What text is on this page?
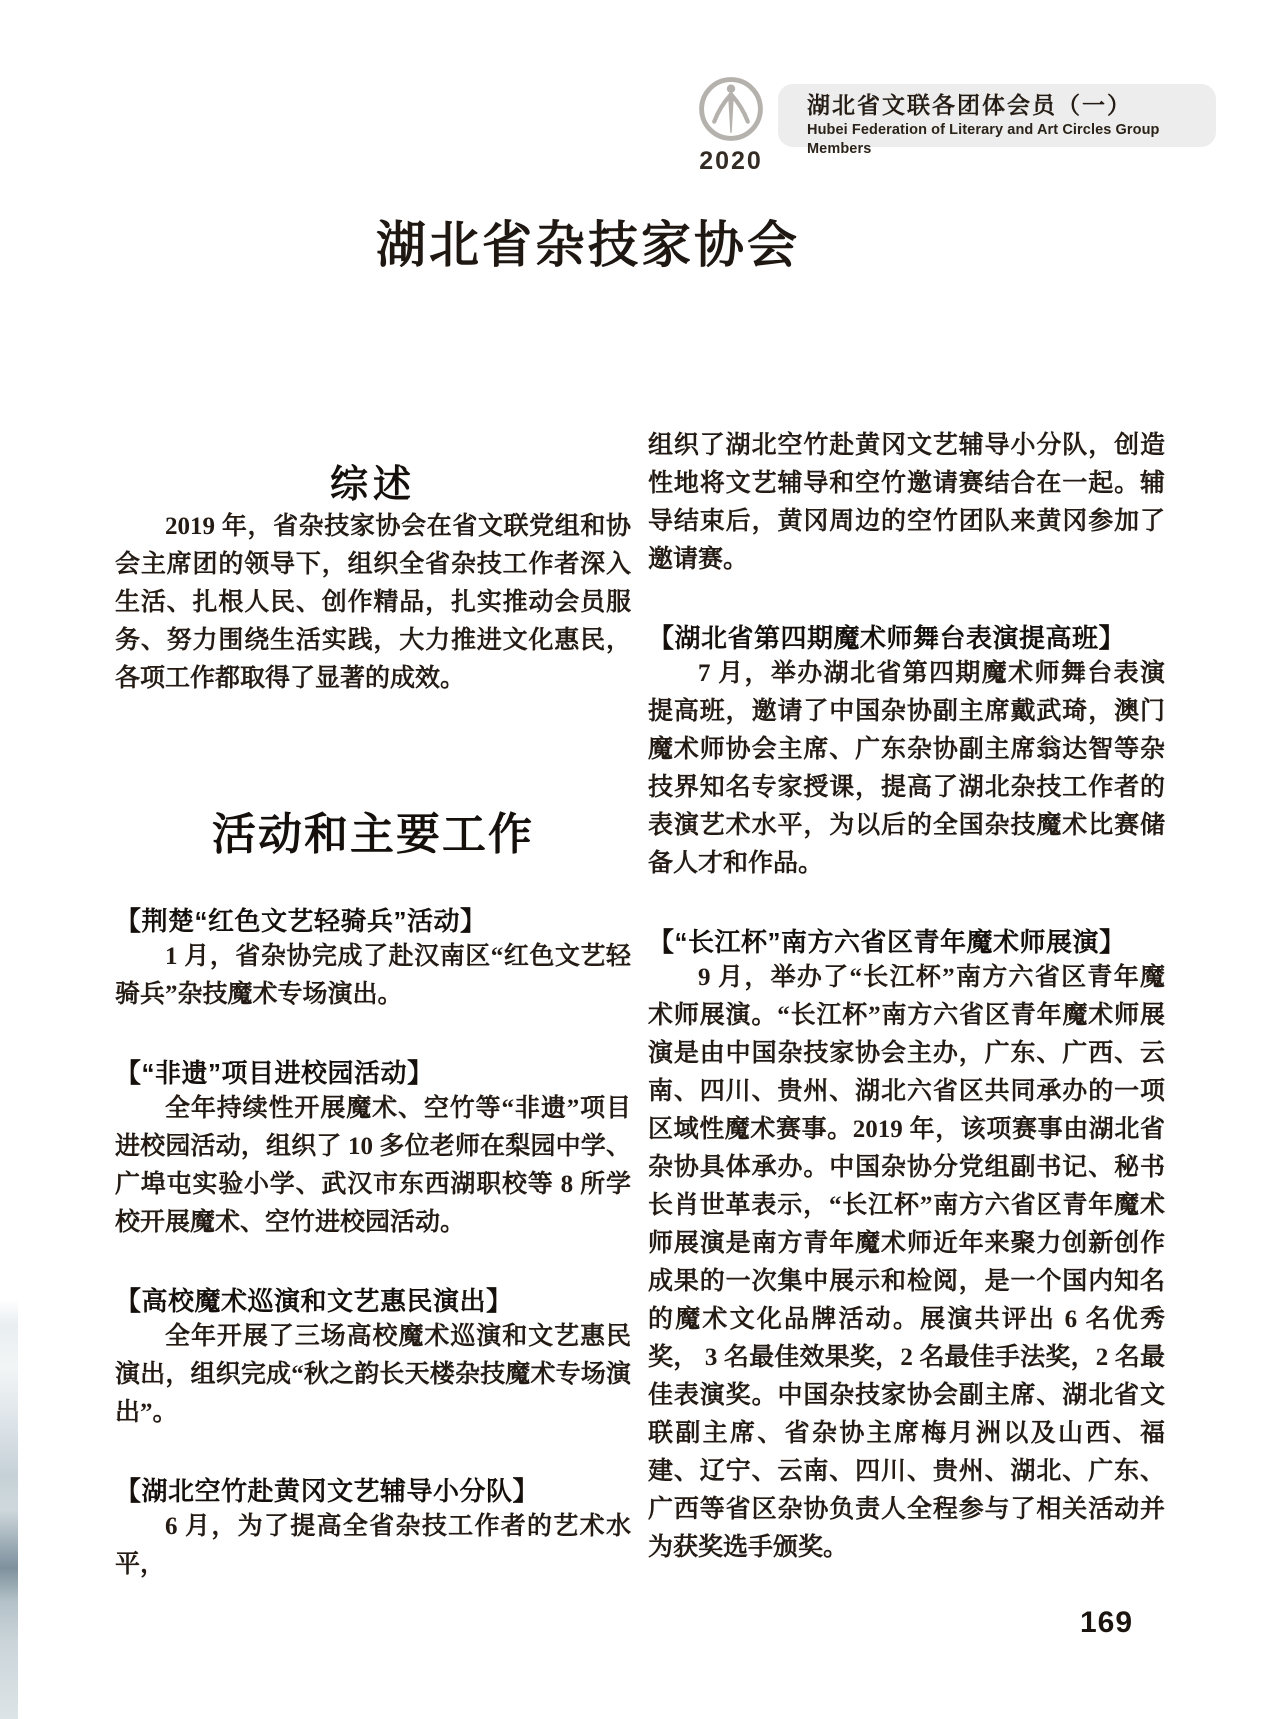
2020
湖北省文联各团体会员（一）
Hubei Federation of Literary and Art Circles Group Members
湖北省杂技家协会
综述

2019 年，省杂技家协会在省文联党组和协会主席团的领导下，组织全省杂技工作者深入生活、扎根人民、创作精品，扎实推动会员服务、努力围绕生活实践，大力推进文化惠民，各项工作都取得了显著的成效。

活动和主要工作

【荆楚“红色文艺轻骑兵”活动】

1 月，省杂协完成了赴汉南区“红色文艺轻骑兵”杂技魔术专场演出。

【“非遗”项目进校园活动】

全年持续性开展魔术、空竹等“非遗”项目进校园活动，组织了 10 多位老师在梨园中学、广埠屯实验小学、武汉市东西湖职校等 8 所学校开展魔术、空竹进校园活动。

【高校魔术巡演和文艺惠民演出】

全年开展了三场高校魔术巡演和文艺惠民演出，组织完成“秋之韵长天楼杂技魔术专场演出”。

【湖北空竹赴黄冈文艺辅导小分队】

6 月，为了提高全省杂技工作者的艺术水平，

组织了湖北空竹赴黄冈文艺辅导小分队，创造性地将文艺辅导和空竹邀请赛结合在一起。辅导结束后，黄冈周边的空竹团队来黄冈参加了邀请赛。

【湖北省第四期魔术师舞台表演提高班】

7 月，举办湖北省第四期魔术师舞台表演提高班，邀请了中国杂协副主席戴武琦，澳门魔术师协会主席、广东杂协副主席翁达智等杂技界知名专家授课，提高了湖北杂技工作者的表演艺术水平，为以后的全国杂技魔术比赛储备人才和作品。

【“长江杯”南方六省区青年魔术师展演】

9 月，举办了“长江杯”南方六省区青年魔术师展演。“长江杯”南方六省区青年魔术师展演是由中国杂技家协会主办，广东、广西、云南、四川、贵州、湖北六省区共同承办的一项区域性魔术赛事。2019 年，该项赛事由湖北省杂协具体承办。中国杂协分党组副书记、秘书长肖世革表示，“长江杯”南方六省区青年魔术师展演是南方青年魔术师近年来聚力创新创作成果的一次集中展示和检阅，是一个国内知名的魔术文化品牌活动。展演共评出 6 名优秀奖， 3 名最佳效果奖，2 名最佳手法奖，2 名最佳表演奖。中国杂技家协会副主席、湖北省文联副主席、省杂协主席梅月洲以及山西、福建、辽宁、云南、四川、贵州、湖北、广东、广西等省区杂协负责人全程参与了相关活动并为获奖选手颁奖。

169
